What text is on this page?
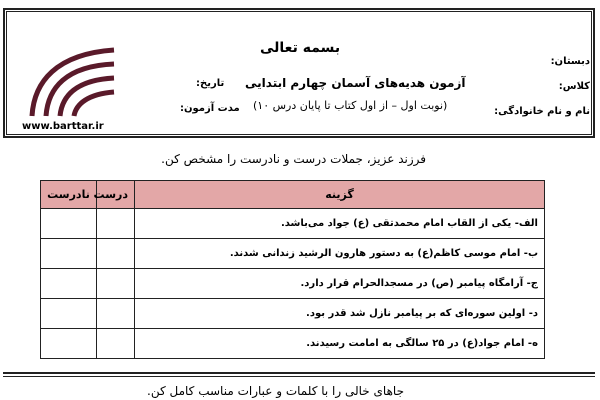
بسمه تعالی
آزمون هدیه‌های آسمان چهارم ابتدایی
(نوبت اول – از اول کتاب تا پایان درس ۱۰)
دبستان:
کلاس:
نام و نام خانوادگی:
تاریخ:
مدت آزمون:
www.barttar.ir
فرزند عزیز، جملات درست و نادرست را مشخص کن.
گزینه	درست	نادرست
الف- یکی از القاب امام محمدتقی (ع) جواد می‌باشد.		
ب- امام موسی کاظم(ع) به دستور هارون الرشید زندانی شدند.		
ج- آرامگاه پیامبر (ص) در مسجدالحرام قرار دارد.		
د- اولین سوره‌ای که بر پیامبر نازل شد قدر بود.		
ه- امام جواد(ع) در ۲۵ سالگی به امامت رسیدند.		
جاهای خالی را با کلمات و عبارات مناسب کامل کن.
